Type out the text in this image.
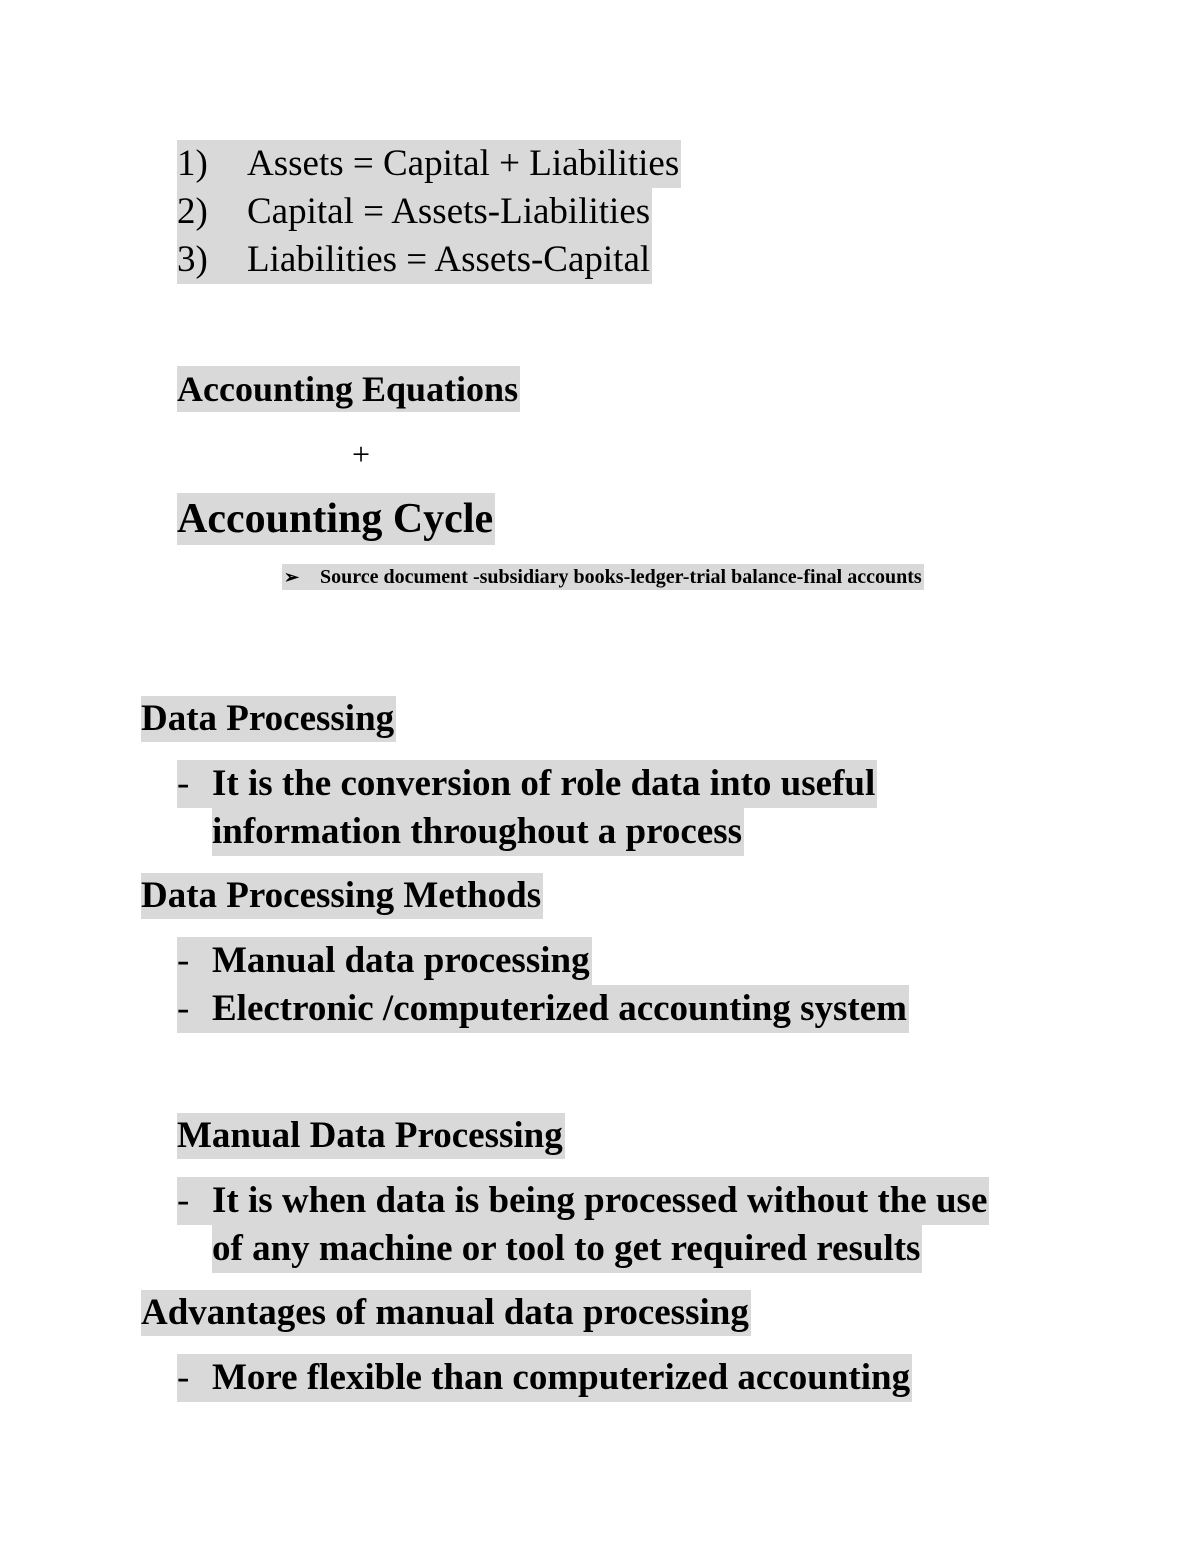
1)	Assets = Capital + Liabilities
2)	Capital = Assets-Liabilities
3)	Liabilities = Assets-Capital
Accounting Equations
+
Accounting Cycle
➢	Source document -subsidiary books-ledger-trial balance-final accounts
Data Processing
- It is the conversion of role data into useful
information throughout a process
Data Processing Methods
- Manual data processing
- Electronic /computerized accounting system
Manual Data Processing
- It is when data is being processed without the use
of any machine or tool to get required results
Advantages of manual data processing
- More flexible than computerized accounting
